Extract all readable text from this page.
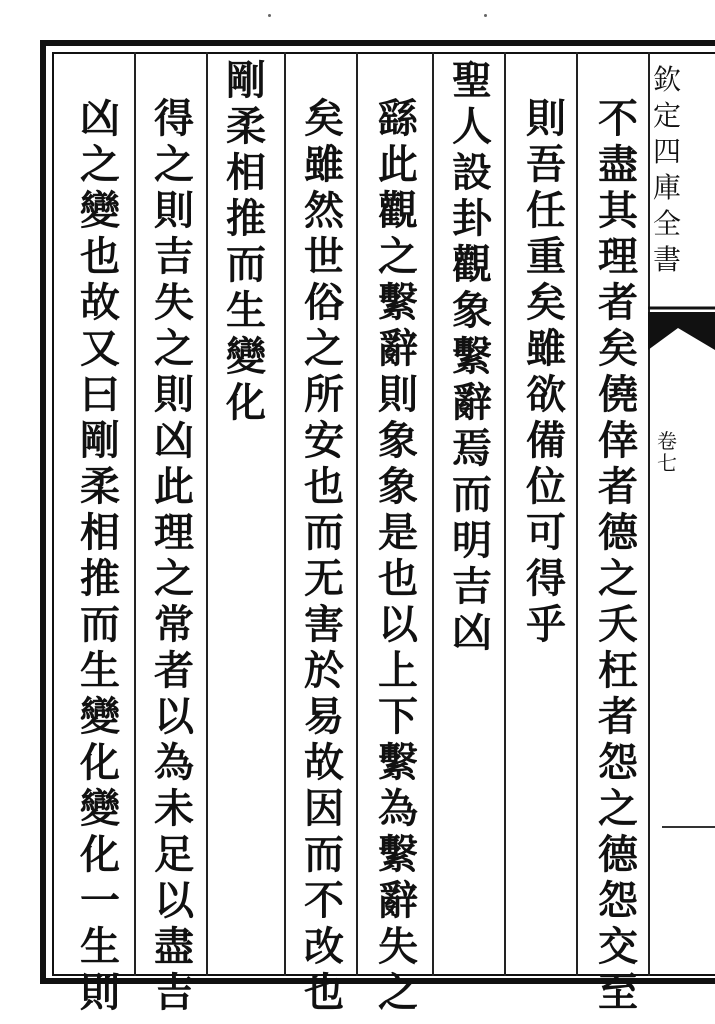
不
盡
其
理
者
矣
僥
倖
者
德
之
夭
枉
者
怨
之
德
怨
交
至
則
吾
任
重
矣
雖
欲
備
位
可
得
乎
聖
人
設
卦
觀
象
繫
辭
焉
而
明
吉
凶
繇
此
觀
之
繫
辭
則
象
象
是
也
以
上
下
繫
為
繫
辭
失
之
矣
雖
然
世
俗
之
所
安
也
而
无
害
於
易
故
因
而
不
改
也
剛
柔
相
推
而
生
變
化
得
之
則
吉
失
之
則
凶
此
理
之
常
者
以
為
未
足
以
盡
吉
凶
之
變
也
故
又
曰
剛
柔
相
推
而
生
變
化
變
化
一
生
則
欽
定
四
庫
全
書
卷
七
